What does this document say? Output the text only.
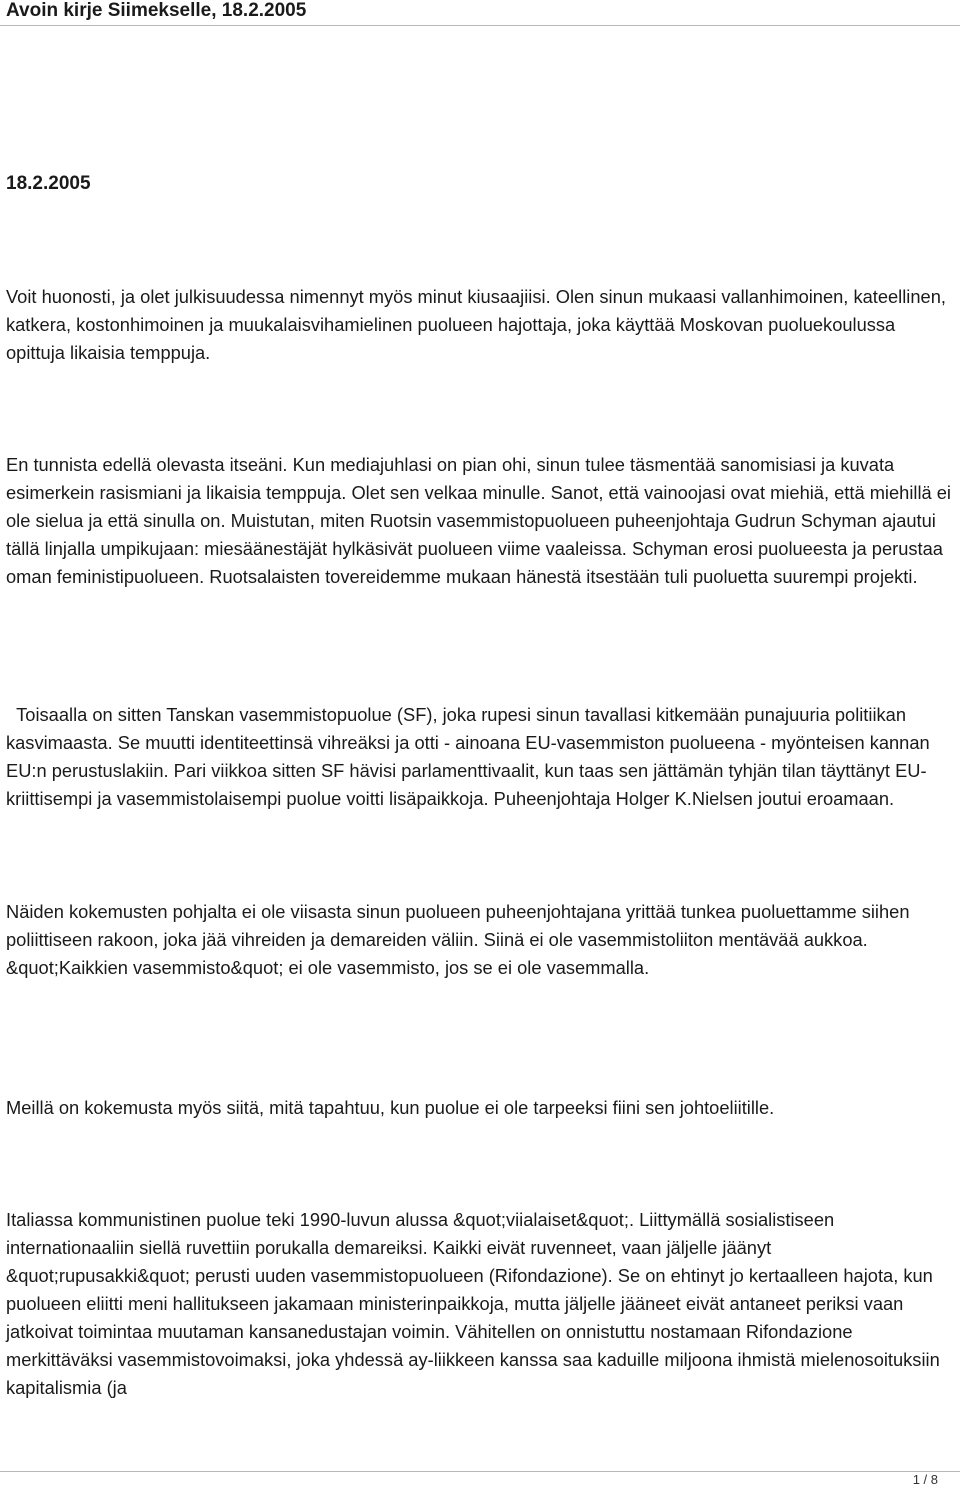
Avoin kirje Siimekselle, 18.2.2005
18.2.2005

Voit huonosti, ja olet julkisuudessa nimennyt myös minut kiusaajiisi. Olen sinun mukaasi vallanhimoinen, kateellinen, katkera, kostonhimoinen ja muukalaisvihamielinen puolueen hajottaja, joka käyttää Moskovan puoluekoulussa opittuja likaisia temppuja.

En tunnista edellä olevasta itseäni. Kun mediajuhlasi on pian ohi, sinun tulee täsmentää sanomisiasi ja kuvata esimerkein rasismiani ja likaisia temppuja. Olet sen velkaa minulle. Sanot, että vainoojasi ovat miehiä, että miehillä ei ole sielua ja että sinulla on. Muistutan, miten Ruotsin vasemmistopuolueen puheenjohtaja Gudrun Schyman ajautui tällä linjalla umpikujaan: miesäänestäjät hylkäsivät puolueen viime vaaleissa. Schyman erosi puolueesta ja perustaa oman feministipuolueen. Ruotsalaisten tovereidemme mukaan hänestä itsestään tuli puoluetta suurempi projekti.

Toisaalla on sitten Tanskan vasemmistopuolue (SF), joka rupesi sinun tavallasi kitkemään punajuuria politiikan kasvimaasta. Se muutti identiteettinsä vihreäksi ja otti - ainoana EU-vasemmiston puolueena - myönteisen kannan EU:n perustuslakiin. Pari viikkoa sitten SF hävisi parlamenttivaalit, kun taas sen jättämän tyhjän tilan täyttänyt EU-kriittisempi ja vasemmistolaisempi puolue voitti lisäpaikkoja. Puheenjohtaja Holger K.Nielsen joutui eroamaan.

Näiden kokemusten pohjalta ei ole viisasta sinun puolueen puheenjohtajana yrittää tunkea puoluettamme siihen poliittiseen rakoon, joka jää vihreiden ja demareiden väliin. Siinä ei ole vasemmistoliiton mentävää aukkoa. &quot;Kaikkien vasemmisto&quot; ei ole vasemmisto, jos se ei ole vasemmalla.

Meillä on kokemusta myös siitä, mitä tapahtuu, kun puolue ei ole tarpeeksi fiini sen johtoeliitille.

Italiassa kommunistinen puolue teki 1990-luvun alussa &quot;viialaiset&quot;. Liittymällä sosialistiseen internationaaliin siellä ruvettiin porukalla demareiksi. Kaikki eivät ruvenneet, vaan jäljelle jäänyt &quot;rupusakki&quot; perusti uuden vasemmistopuolueen (Rifondazione). Se on ehtinyt jo kertaalleen hajota, kun puolueen eliitti meni hallitukseen jakamaan ministerinpaikkoja, mutta jäljelle jääneet eivät antaneet periksi vaan jatkoivat toimintaa muutaman kansanedustajan voimin. Vähitellen on onnistuttu nostamaan Rifondazione merkittäväksi vasemmistovoimaksi, joka yhdessä ay-liikkeen kanssa saa kaduille miljoona ihmistä mielenosoituksiin kapitalismia (ja

1 / 8
